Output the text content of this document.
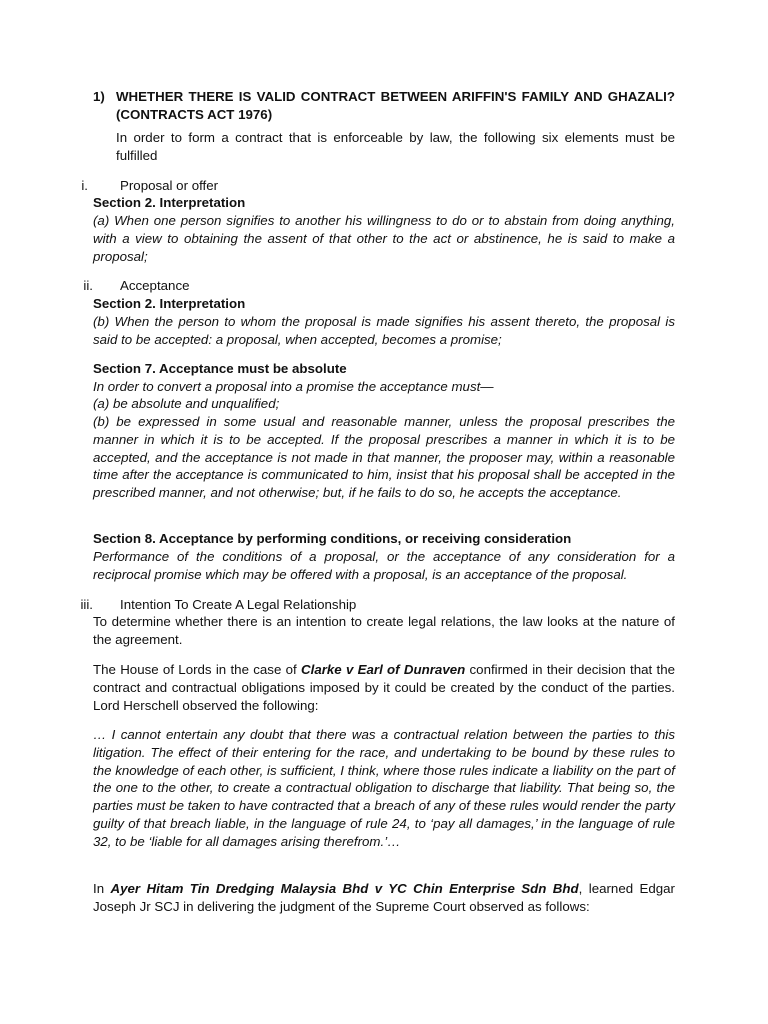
1) WHETHER THERE IS VALID CONTRACT BETWEEN ARIFFIN'S FAMILY AND GHAZALI? (CONTRACTS ACT 1976)
In order to form a contract that is enforceable by law, the following six elements must be fulfilled
i. Proposal or offer
Section 2. Interpretation
(a) When one person signifies to another his willingness to do or to abstain from doing anything, with a view to obtaining the assent of that other to the act or abstinence, he is said to make a proposal;
ii. Acceptance
Section 2. Interpretation
(b) When the person to whom the proposal is made signifies his assent thereto, the proposal is said to be accepted: a proposal, when accepted, becomes a promise;
Section 7. Acceptance must be absolute
In order to convert a proposal into a promise the acceptance must—
(a) be absolute and unqualified;
(b) be expressed in some usual and reasonable manner, unless the proposal prescribes the manner in which it is to be accepted. If the proposal prescribes a manner in which it is to be accepted, and the acceptance is not made in that manner, the proposer may, within a reasonable time after the acceptance is communicated to him, insist that his proposal shall be accepted in the prescribed manner, and not otherwise; but, if he fails to do so, he accepts the acceptance.
Section 8. Acceptance by performing conditions, or receiving consideration
Performance of the conditions of a proposal, or the acceptance of any consideration for a reciprocal promise which may be offered with a proposal, is an acceptance of the proposal.
iii. Intention To Create A Legal Relationship
To determine whether there is an intention to create legal relations, the law looks at the nature of the agreement.
The House of Lords in the case of Clarke v Earl of Dunraven confirmed in their decision that the contract and contractual obligations imposed by it could be created by the conduct of the parties. Lord Herschell observed the following:
… I cannot entertain any doubt that there was a contractual relation between the parties to this litigation. The effect of their entering for the race, and undertaking to be bound by these rules to the knowledge of each other, is sufficient, I think, where those rules indicate a liability on the part of the one to the other, to create a contractual obligation to discharge that liability. That being so, the parties must be taken to have contracted that a breach of any of these rules would render the party guilty of that breach liable, in the language of rule 24, to ‘pay all damages,’ in the language of rule 32, to be ‘liable for all damages arising therefrom.’…
In Ayer Hitam Tin Dredging Malaysia Bhd v YC Chin Enterprise Sdn Bhd, learned Edgar Joseph Jr SCJ in delivering the judgment of the Supreme Court observed as follows:
